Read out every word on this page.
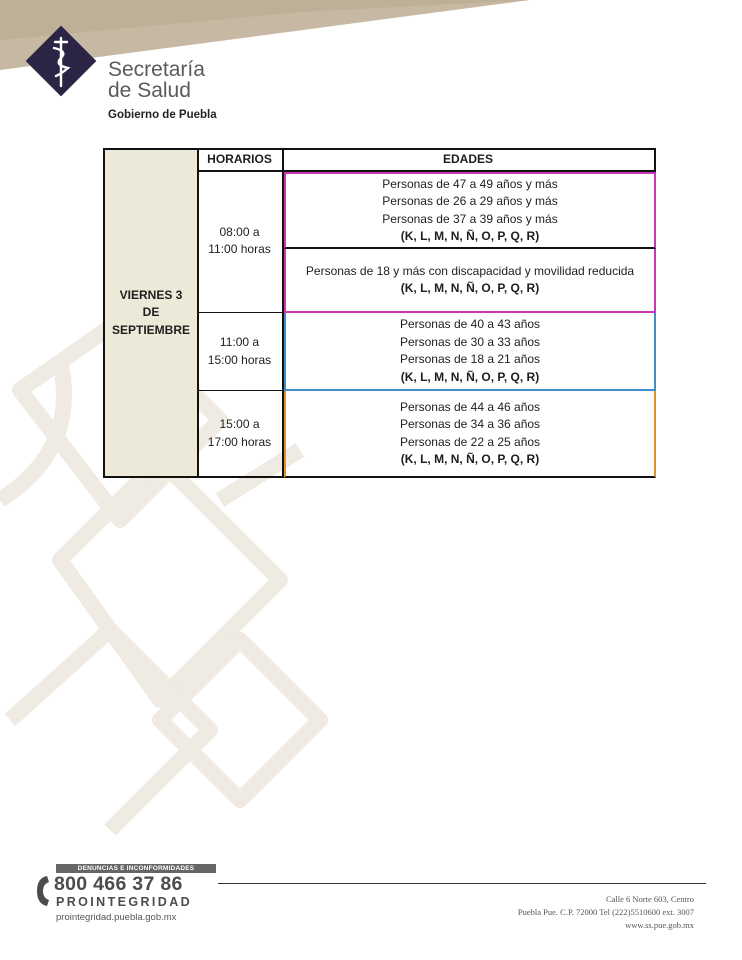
Secretaría
de Salud
Gobierno de Puebla
VIERNES 3
DE
SEPTIEMBRE
HORARIOS	EDADES
08:00 a
11:00 horas
11:00 a
15:00 horas
15:00 a
17:00 horas
Personas de 47 a 49 años y más
Personas de 26 a 29 años y más
Personas de 37 a 39 años y más
(K, L, M, N, Ñ, O, P, Q, R)
Personas de 18 y más con discapacidad y movilidad reducida
(K, L, M, N, Ñ, O, P, Q, R)
Personas de 40 a 43 años
Personas de 30 a 33 años
Personas de 18 a 21 años
(K, L, M, N, Ñ, O, P, Q, R)
Personas de 44 a 46 años
Personas de 34 a 36 años
Personas de 22 a 25 años
(K, L, M, N, Ñ, O, P, Q, R)
DENUNCIAS E INCONFORMIDADES
800 466 37 86
PROINTEGRIDAD
prointegridad.puebla.gob.mx
Calle 6 Norte 603, Centro
Puebla Pue. C.P. 72000 Tel (222)5510600 ext. 3007
www.ss.pue.gob.mx
